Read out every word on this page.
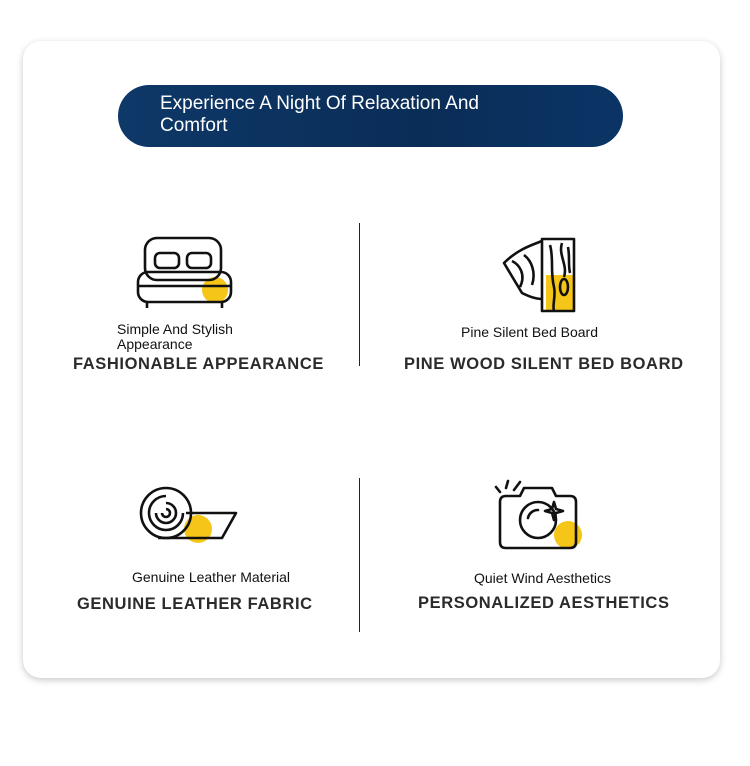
Experience A Night Of Relaxation And Comfort
Simple And Stylish Appearance
FASHIONABLE APPEARANCE
Pine Silent Bed Board
PINE WOOD SILENT BED BOARD
Genuine Leather Material
GENUINE LEATHER FABRIC
Quiet Wind Aesthetics
PERSONALIZED AESTHETICS
